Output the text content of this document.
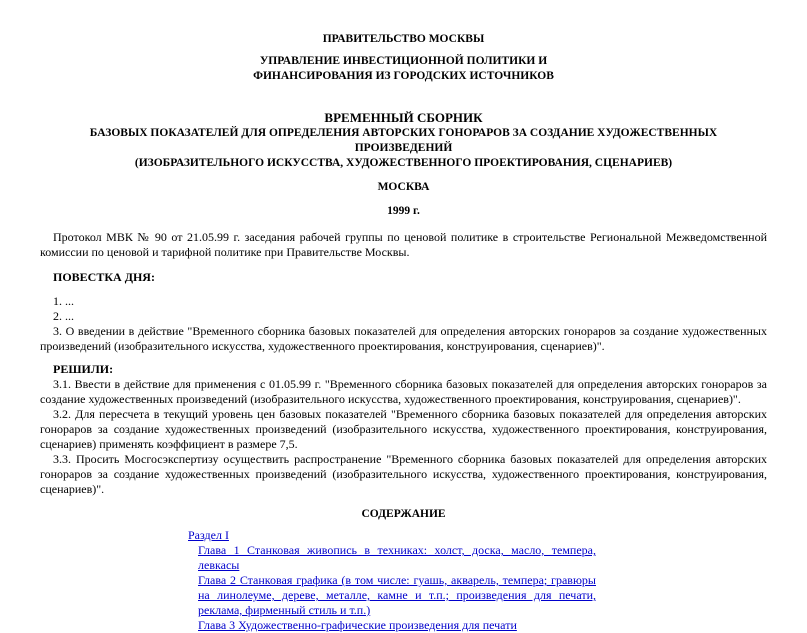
ПРАВИТЕЛЬСТВО МОСКВЫ
УПРАВЛЕНИЕ ИНВЕСТИЦИОННОЙ ПОЛИТИКИ И
ФИНАНСИРОВАНИЯ ИЗ ГОРОДСКИХ ИСТОЧНИКОВ
ВРЕМЕННЫЙ СБОРНИК
БАЗОВЫХ ПОКАЗАТЕЛЕЙ ДЛЯ ОПРЕДЕЛЕНИЯ АВТОРСКИХ ГОНОРАРОВ ЗА СОЗДАНИЕ ХУДОЖЕСТВЕННЫХ ПРОИЗВЕДЕНИЙ
(ИЗОБРАЗИТЕЛЬНОГО ИСКУССТВА, ХУДОЖЕСТВЕННОГО ПРОЕКТИРОВАНИЯ, СЦЕНАРИЕВ)
МОСКВА
1999 г.

Протокол МВК № 90 от 21.05.99 г. заседания рабочей группы по ценовой политике в строительстве Региональной Межведомственной комиссии по ценовой и тарифной политике при Правительстве Москвы.

ПОВЕСТКА ДНЯ:

1. ...

2. ...

3. О введении в действие "Временного сборника базовых показателей для определения авторских гонораров за создание художественных произведений (изобразительного искусства, художественного проектирования, конструирования, сценариев)".

РЕШИЛИ:

3.1. Ввести в действие для применения с 01.05.99 г. "Временного сборника базовых показателей для определения авторских гонораров за создание художественных произведений (изобразительного искусства, художественного проектирования, конструирования, сценариев)".

3.2. Для пересчета в текущий уровень цен базовых показателей "Временного сборника базовых показателей для определения авторских гонораров за создание художественных произведений (изобразительного искусства, художественного проектирования, конструирования, сценариев) применять коэффициент в размере 7,5.

3.3. Просить Мосгосэкспертизу осуществить распространение "Временного сборника базовых показателей для определения авторских гонораров за создание художественных произведений (изобразительного искусства, художественного проектирования, конструирования, сценариев)".

СОДЕРЖАНИЕ
Раздел I
Глава 1 Станковая живопись в техниках: холст, доска, масло, темпера, левкасы
Глава 2 Станковая графика (в том числе: гуашь, акварель, темпера; гравюры на линолеуме, дереве, металле, камне и т.п.; произведения для печати, реклама, фирменный стиль и т.п.)
Глава 3 Художественно-графические произведения для печати
